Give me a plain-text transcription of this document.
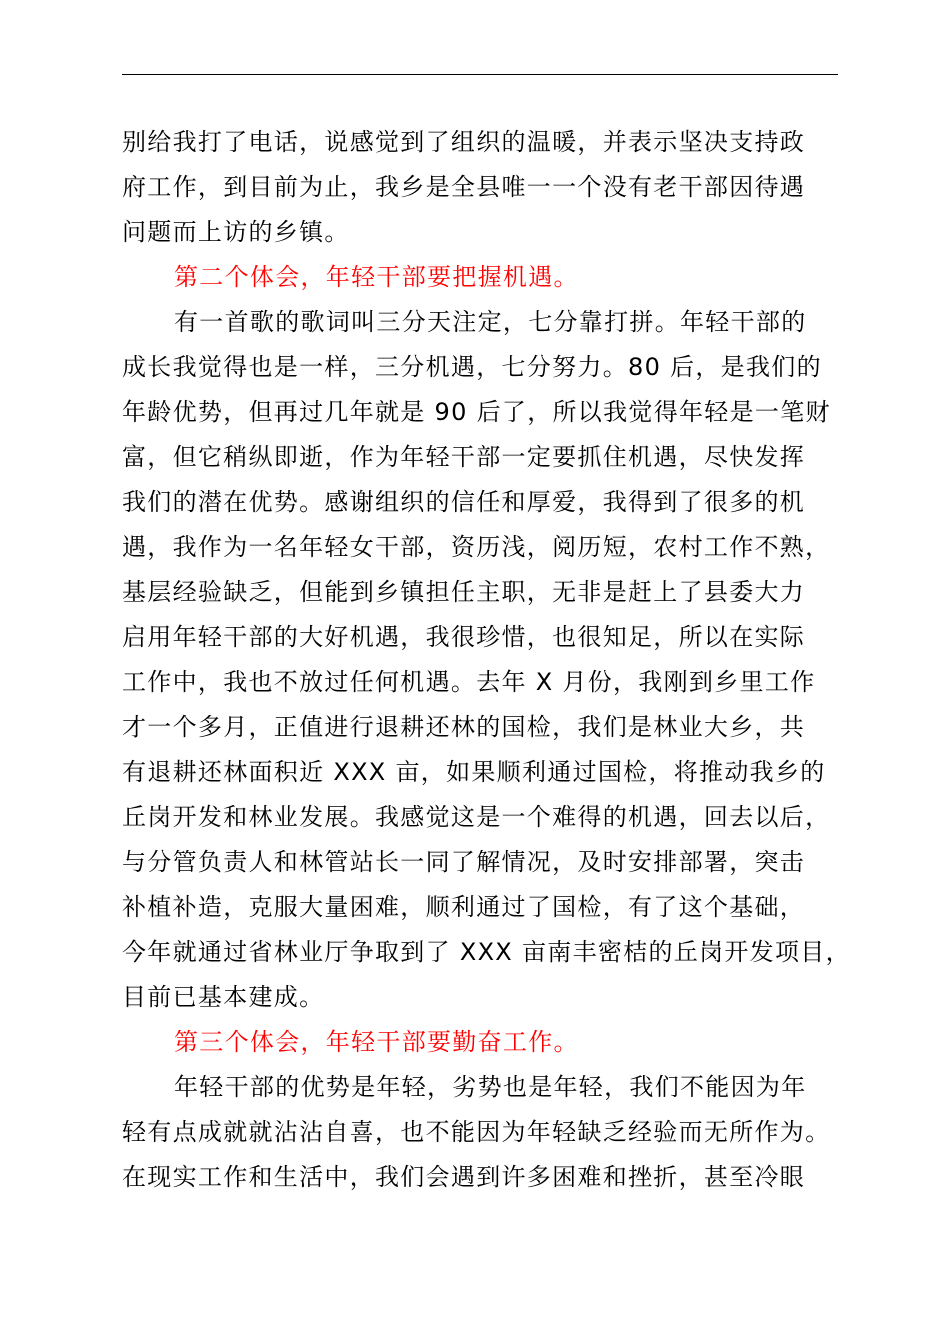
别给我打了电话，说感觉到了组织的温暖，并表示坚决支持政
府工作，到目前为止，我乡是全县唯一一个没有老干部因待遇
问题而上访的乡镇。
第二个体会，年轻干部要把握机遇。
有一首歌的歌词叫三分天注定，七分靠打拼。年轻干部的
成长我觉得也是一样，三分机遇，七分努力。80 后，是我们的
年龄优势，但再过几年就是 90 后了，所以我觉得年轻是一笔财
富，但它稍纵即逝，作为年轻干部一定要抓住机遇，尽快发挥
我们的潜在优势。感谢组织的信任和厚爱，我得到了很多的机
遇，我作为一名年轻女干部，资历浅，阅历短，农村工作不熟，
基层经验缺乏，但能到乡镇担任主职，无非是赶上了县委大力
启用年轻干部的大好机遇，我很珍惜，也很知足，所以在实际
工作中，我也不放过任何机遇。去年 X 月份，我刚到乡里工作
才一个多月，正值进行退耕还林的国检，我们是林业大乡，共
有退耕还林面积近 XXX 亩，如果顺利通过国检，将推动我乡的
丘岗开发和林业发展。我感觉这是一个难得的机遇，回去以后，
与分管负责人和林管站长一同了解情况，及时安排部署，突击
补植补造，克服大量困难，顺利通过了国检，有了这个基础，
今年就通过省林业厅争取到了 XXX 亩南丰密桔的丘岗开发项目，
目前已基本建成。
第三个体会，年轻干部要勤奋工作。
年轻干部的优势是年轻，劣势也是年轻，我们不能因为年
轻有点成就就沾沾自喜，也不能因为年轻缺乏经验而无所作为。
在现实工作和生活中，我们会遇到许多困难和挫折，甚至冷眼
